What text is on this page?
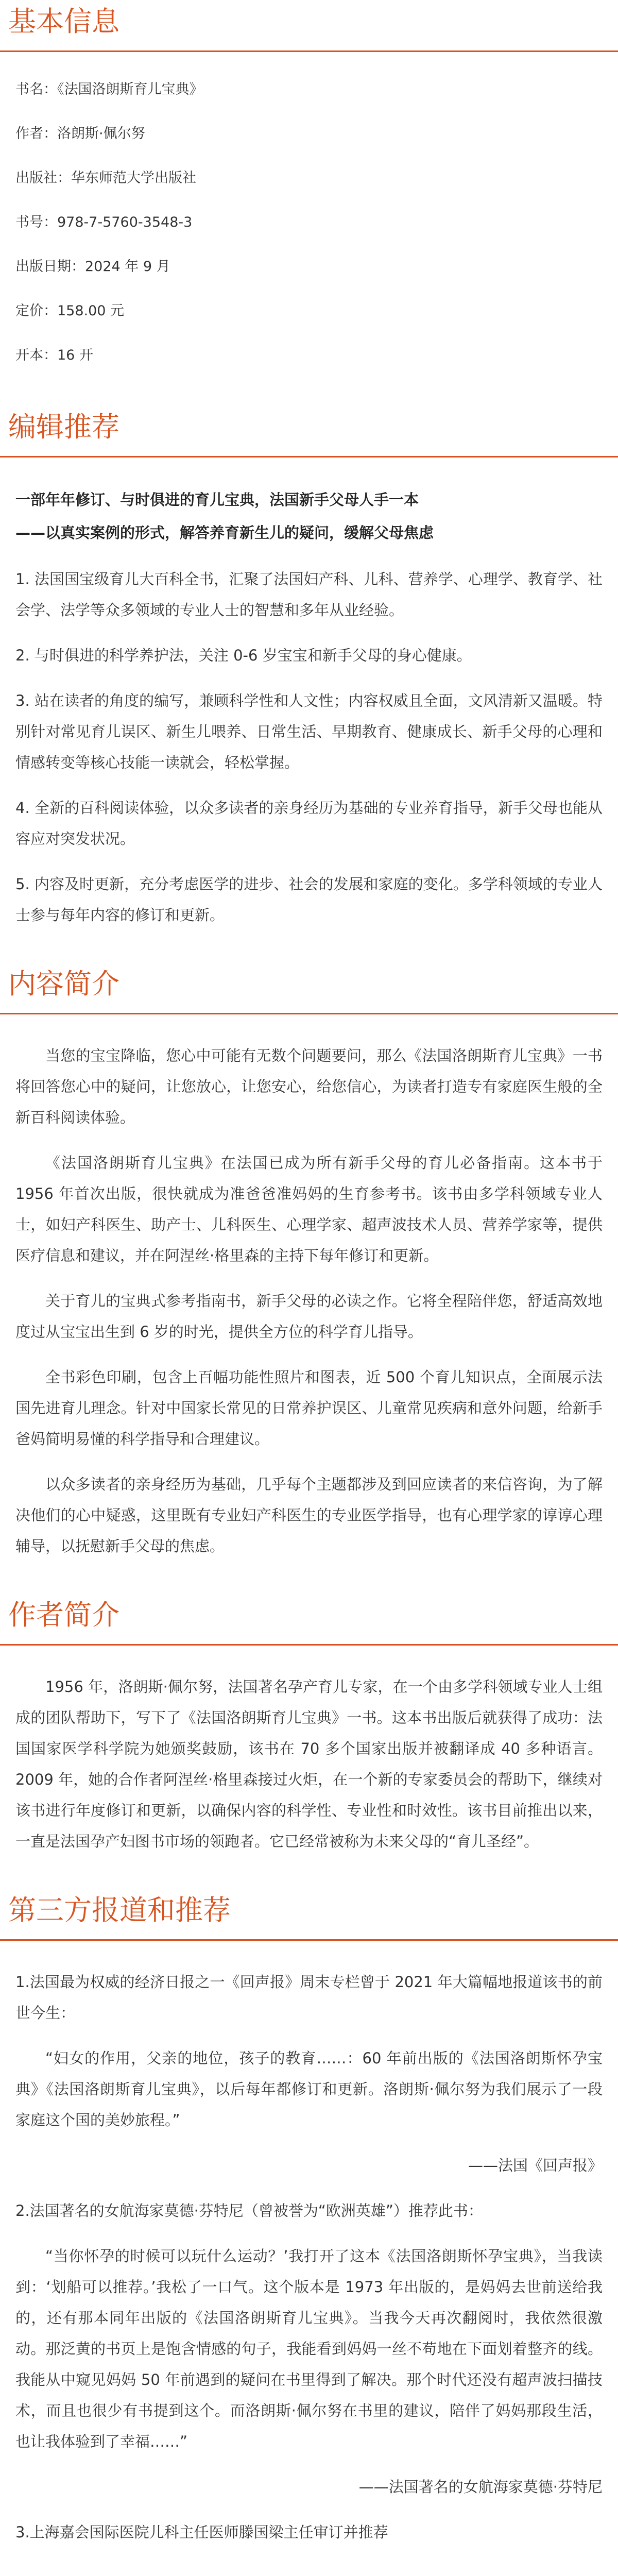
基本信息

书名：《法国洛朗斯育儿宝典》

作者：洛朗斯·佩尔努

出版社：华东师范大学出版社

书号：978-7-5760-3548-3

出版日期：2024 年 9 月

定价：158.00 元

开本：16 开

编辑推荐

一部年年修订、与时俱进的育儿宝典，法国新手父母人手一本

——以真实案例的形式，解答养育新生儿的疑问，缓解父母焦虑

1. 法国国宝级育儿大百科全书，汇聚了法国妇产科、儿科、营养学、心理学、教育学、社会学、法学等众多领域的专业人士的智慧和多年从业经验。

2. 与时俱进的科学养护法，关注 0-6 岁宝宝和新手父母的身心健康。

3. 站在读者的角度的编写，兼顾科学性和人文性；内容权威且全面，文风清新又温暖。特别针对常见育儿误区、新生儿喂养、日常生活、早期教育、健康成长、新手父母的心理和情感转变等核心技能一读就会，轻松掌握。

4. 全新的百科阅读体验，以众多读者的亲身经历为基础的专业养育指导，新手父母也能从容应对突发状况。

5. 内容及时更新，充分考虑医学的进步、社会的发展和家庭的变化。多学科领域的专业人士参与每年内容的修订和更新。

内容简介

当您的宝宝降临，您心中可能有无数个问题要问，那么《法国洛朗斯育儿宝典》一书将回答您心中的疑问，让您放心，让您安心，给您信心，为读者打造专有家庭医生般的全新百科阅读体验。

《法国洛朗斯育儿宝典》在法国已成为所有新手父母的育儿必备指南。这本书于 1956 年首次出版，很快就成为准爸爸准妈妈的生育参考书。该书由多学科领域专业人士，如妇产科医生、助产士、儿科医生、心理学家、超声波技术人员、营养学家等，提供医疗信息和建议，并在阿涅丝·格里森的主持下每年修订和更新。

关于育儿的宝典式参考指南书，新手父母的必读之作。它将全程陪伴您，舒适高效地度过从宝宝出生到 6 岁的时光，提供全方位的科学育儿指导。

全书彩色印刷，包含上百幅功能性照片和图表，近 500 个育儿知识点，全面展示法国先进育儿理念。针对中国家长常见的日常养护误区、儿童常见疾病和意外问题，给新手爸妈简明易懂的科学指导和合理建议。

以众多读者的亲身经历为基础，几乎每个主题都涉及到回应读者的来信咨询，为了解决他们的心中疑惑，这里既有专业妇产科医生的专业医学指导，也有心理学家的谆谆心理辅导，以抚慰新手父母的焦虑。

作者简介

1956 年，洛朗斯·佩尔努，法国著名孕产育儿专家，在一个由多学科领域专业人士组成的团队帮助下，写下了《法国洛朗斯育儿宝典》一书。这本书出版后就获得了成功：法国国家医学科学院为她颁奖鼓励，该书在 70 多个国家出版并被翻译成 40 多种语言。2009 年，她的合作者阿涅丝·格里森接过火炬，在一个新的专家委员会的帮助下，继续对该书进行年度修订和更新，以确保内容的科学性、专业性和时效性。该书目前推出以来，一直是法国孕产妇图书市场的领跑者。它已经常被称为未来父母的“育儿圣经”。

第三方报道和推荐

1.法国最为权威的经济日报之一《回声报》周末专栏曾于 2021 年大篇幅地报道该书的前世今生：

“妇女的作用，父亲的地位，孩子的教育……：60 年前出版的《法国洛朗斯怀孕宝典》《法国洛朗斯育儿宝典》，以后每年都修订和更新。洛朗斯·佩尔努为我们展示了一段家庭这个国的美妙旅程。”

——法国《回声报》

2.法国著名的女航海家莫德·芬特尼（曾被誉为“欧洲英雄”）推荐此书：

“当你怀孕的时候可以玩什么运动？’我打开了这本《法国洛朗斯怀孕宝典》，当我读到：‘划船可以推荐。’我松了一口气。这个版本是 1973 年出版的，是妈妈去世前送给我的，还有那本同年出版的《法国洛朗斯育儿宝典》。当我今天再次翻阅时，我依然很激动。那泛黄的书页上是饱含情感的句子，我能看到妈妈一丝不苟地在下面划着整齐的线。我能从中窥见妈妈 50 年前遇到的疑问在书里得到了解决。那个时代还没有超声波扫描技术，而且也很少有书提到这个。而洛朗斯·佩尔努在书里的建议，陪伴了妈妈那段生活，也让我体验到了幸福……”

——法国著名的女航海家莫德·芬特尼

3.上海嘉会国际医院儿科主任医师滕国梁主任审订并推荐
